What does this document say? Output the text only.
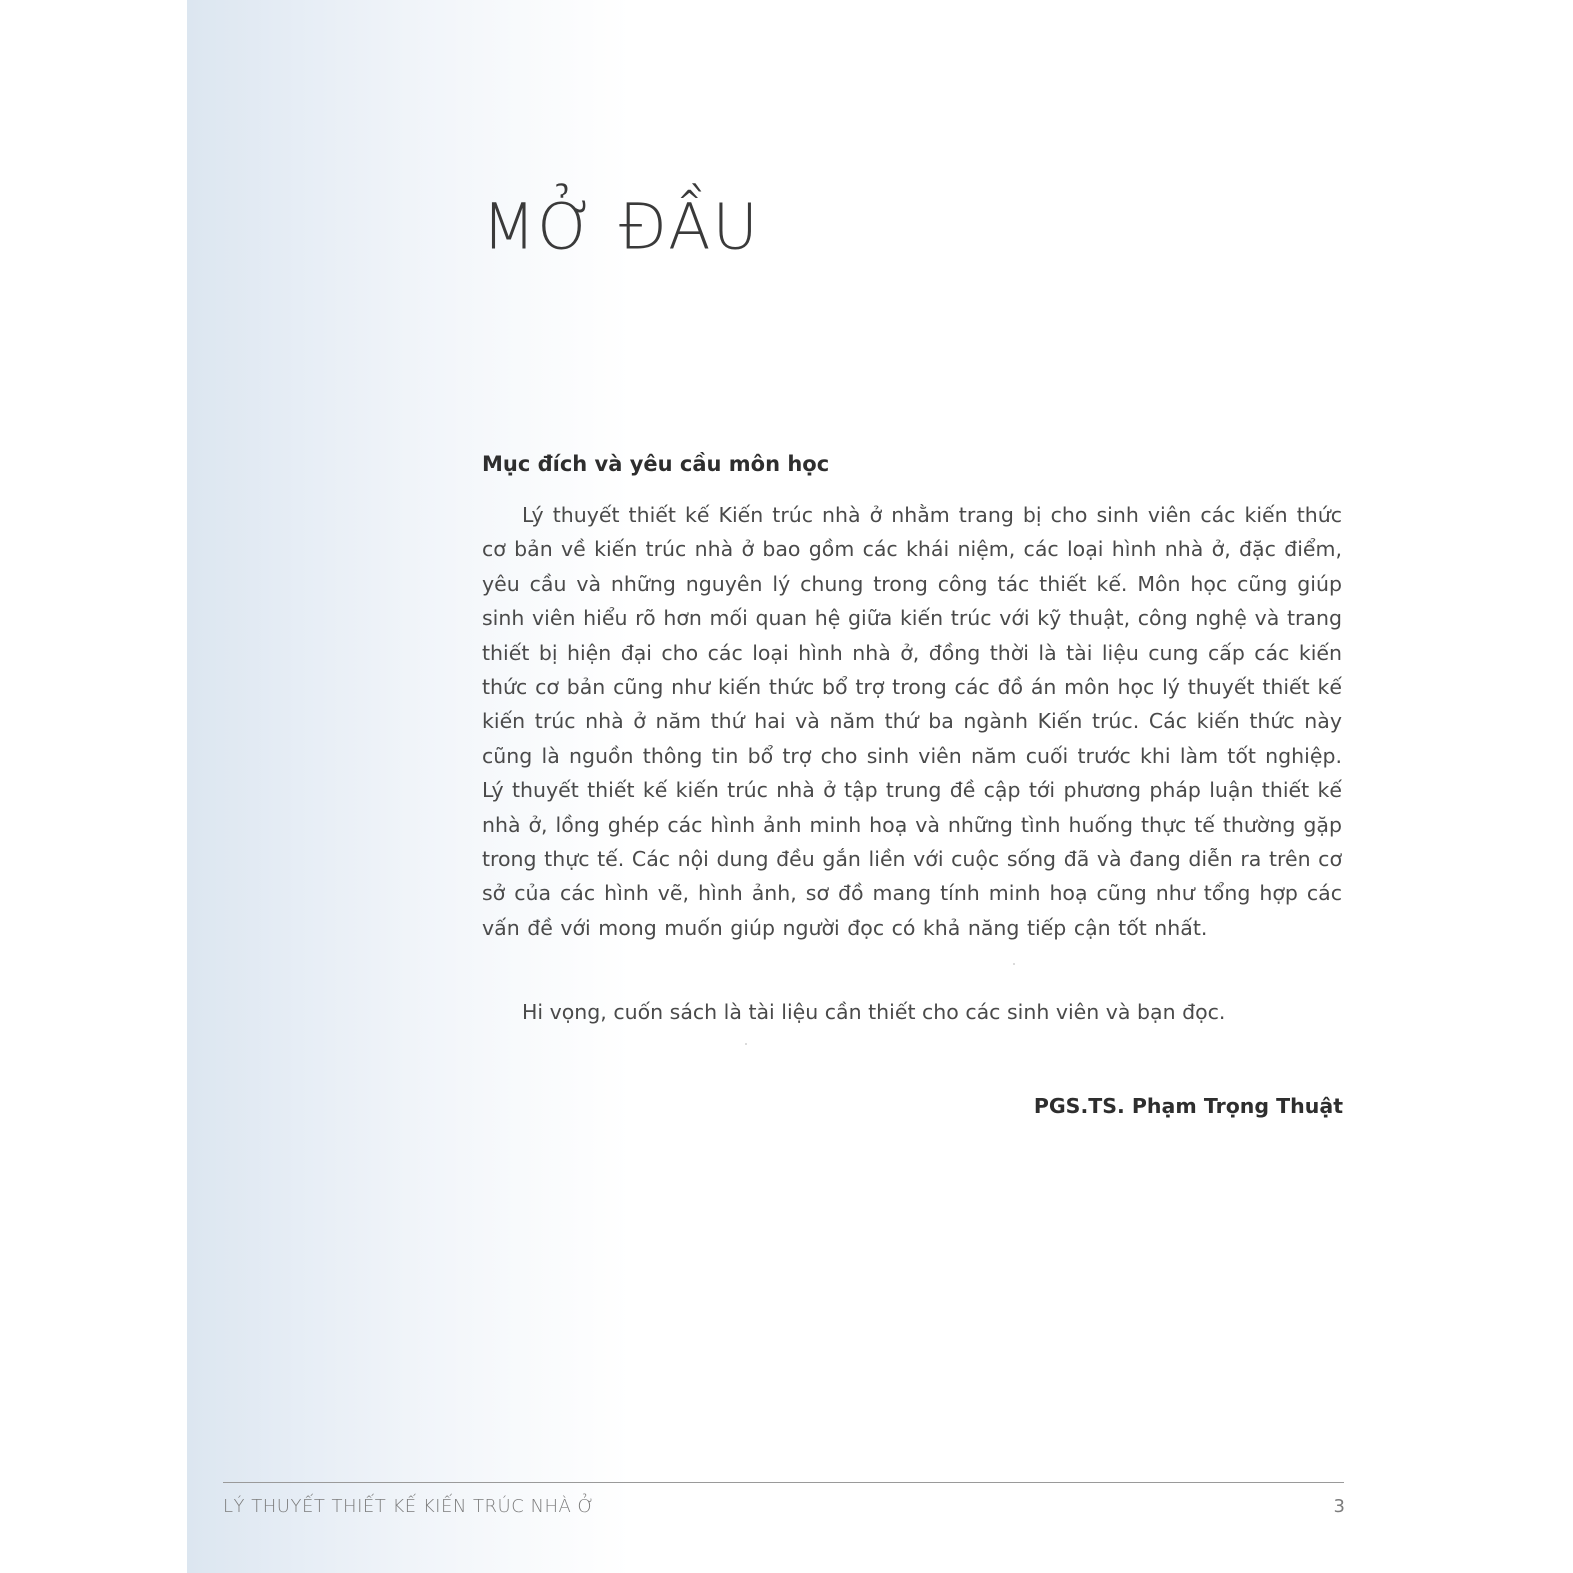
MỞ ĐẦU
Mục đích và yêu cầu môn học

Lý thuyết thiết kế Kiến trúc nhà ở nhằm trang bị cho sinh viên các kiến thức cơ bản về kiến trúc nhà ở bao gồm các khái niệm, các loại hình nhà ở, đặc điểm, yêu cầu và những nguyên lý chung trong công tác thiết kế. Môn học cũng giúp sinh viên hiểu rõ hơn mối quan hệ giữa kiến trúc với kỹ thuật, công nghệ và trang thiết bị hiện đại cho các loại hình nhà ở, đồng thời là tài liệu cung cấp các kiến thức cơ bản cũng như kiến thức bổ trợ trong các đồ án môn học lý thuyết thiết kế kiến trúc nhà ở năm thứ hai và năm thứ ba ngành Kiến trúc. Các kiến thức này cũng là nguồn thông tin bổ trợ cho sinh viên năm cuối trước khi làm tốt nghiệp. Lý thuyết thiết kế kiến trúc nhà ở tập trung đề cập tới phương pháp luận thiết kế nhà ở, lồng ghép các hình ảnh minh hoạ và những tình huống thực tế thường gặp trong thực tế. Các nội dung đều gắn liền với cuộc sống đã và đang diễn ra trên cơ sở của các hình vẽ, hình ảnh, sơ đồ mang tính minh hoạ cũng như tổng hợp các vấn đề với mong muốn giúp người đọc có khả năng tiếp cận tốt nhất.

Hi vọng, cuốn sách là tài liệu cần thiết cho các sinh viên và bạn đọc.

PGS.TS. Phạm Trọng Thuật

LÝ THUYẾT THIẾT KẾ KIẾN TRÚC NHÀ Ở	3
